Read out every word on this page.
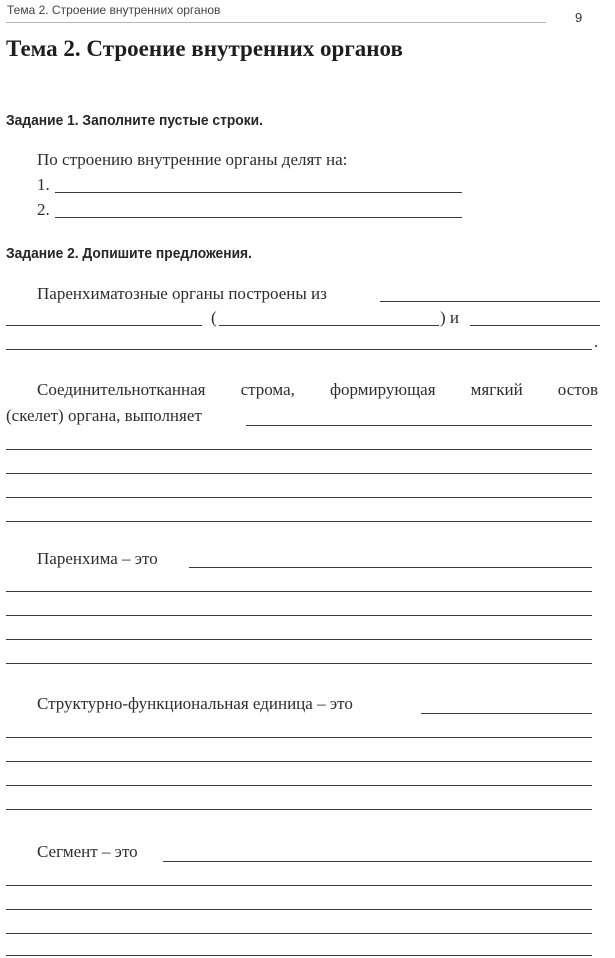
Тема 2. Строение внутренних органов	9
Тема 2. Строение внутренних органов
Задание 1. Заполните пустые строки.
По строению внутренние органы делят на:
1.
2.
Задание 2. Допишите предложения.
Паренхиматозные органы построены из
(	) и
.
Соединительнотканная строма, формирующая мягкий остов
(скелет) органа, выполняет
Паренхима – это
Структурно-функциональная единица – это
Сегмент – это
